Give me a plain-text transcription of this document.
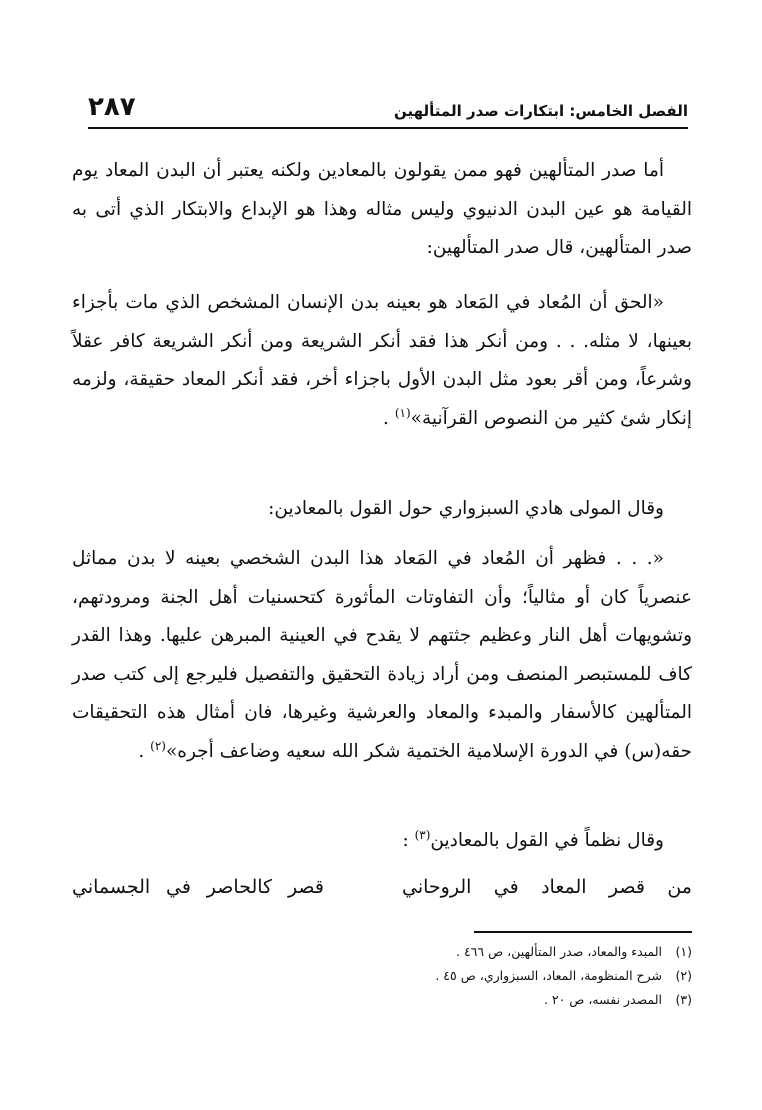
الفصل الخامس: ابتكارات صدر المتألهين
٢٨٧

أما صدر المتألهين فهو ممن يقولون بالمعادين ولكنه يعتبر أن البدن المعاد يوم القيامة هو عين البدن الدنيوي وليس مثاله وهذا هو الإبداع والابتكار الذي أتى به صدر المتألهين، قال صدر المتألهين:

«الحق أن المُعاد في المَعاد هو بعينه بدن الإنسان المشخص الذي مات بأجزاء بعينها، لا مثله. . . ومن أنكر هذا فقد أنكر الشريعة ومن أنكر الشريعة كافر عقلاً وشرعاً، ومن أقر بعود مثل البدن الأول باجزاء أخر، فقد أنكر المعاد حقيقة، ولزمه إنكار شئ كثير من النصوص القرآنية»$^{(١)}$ .

وقال المولى هادي السبزواري حول القول بالمعادين:

«. . . فظهر أن المُعاد في المَعاد هذا البدن الشخصي بعينه لا بدن مماثل عنصرياً كان أو مثالياً؛ وأن التفاوتات المأثورة كتحسنيات أهل الجنة ومرودتهم، وتشويهات أهل النار وعظيم جثتهم لا يقدح في العينية المبرهن عليها. وهذا القدر كاف للمستبصر المنصف ومن أراد زيادة التحقيق والتفصيل فليرجع إلى كتب صدر المتألهين كالأسفار والمبدء والمعاد والعرشية وغيرها، فان أمثال هذه التحقيقات حقه(س) في الدورة الإسلامية الختمية شكر الله سعيه وضاعف أجره»$^{(٢)}$ .

وقال نظماً في القول بالمعادين$^{(٣)}$ :

من قصر المعاد في الروحاني
قصر كالحاصر في الجسماني

(١)المبدء والمعاد، صدر المتألهين، ص ٤٦٦ .

(٢)شرح المنظومة، المعاد، السبزواري، ص ٤٥ .

(٣)المصدر نفسه، ص ٢٠ .
